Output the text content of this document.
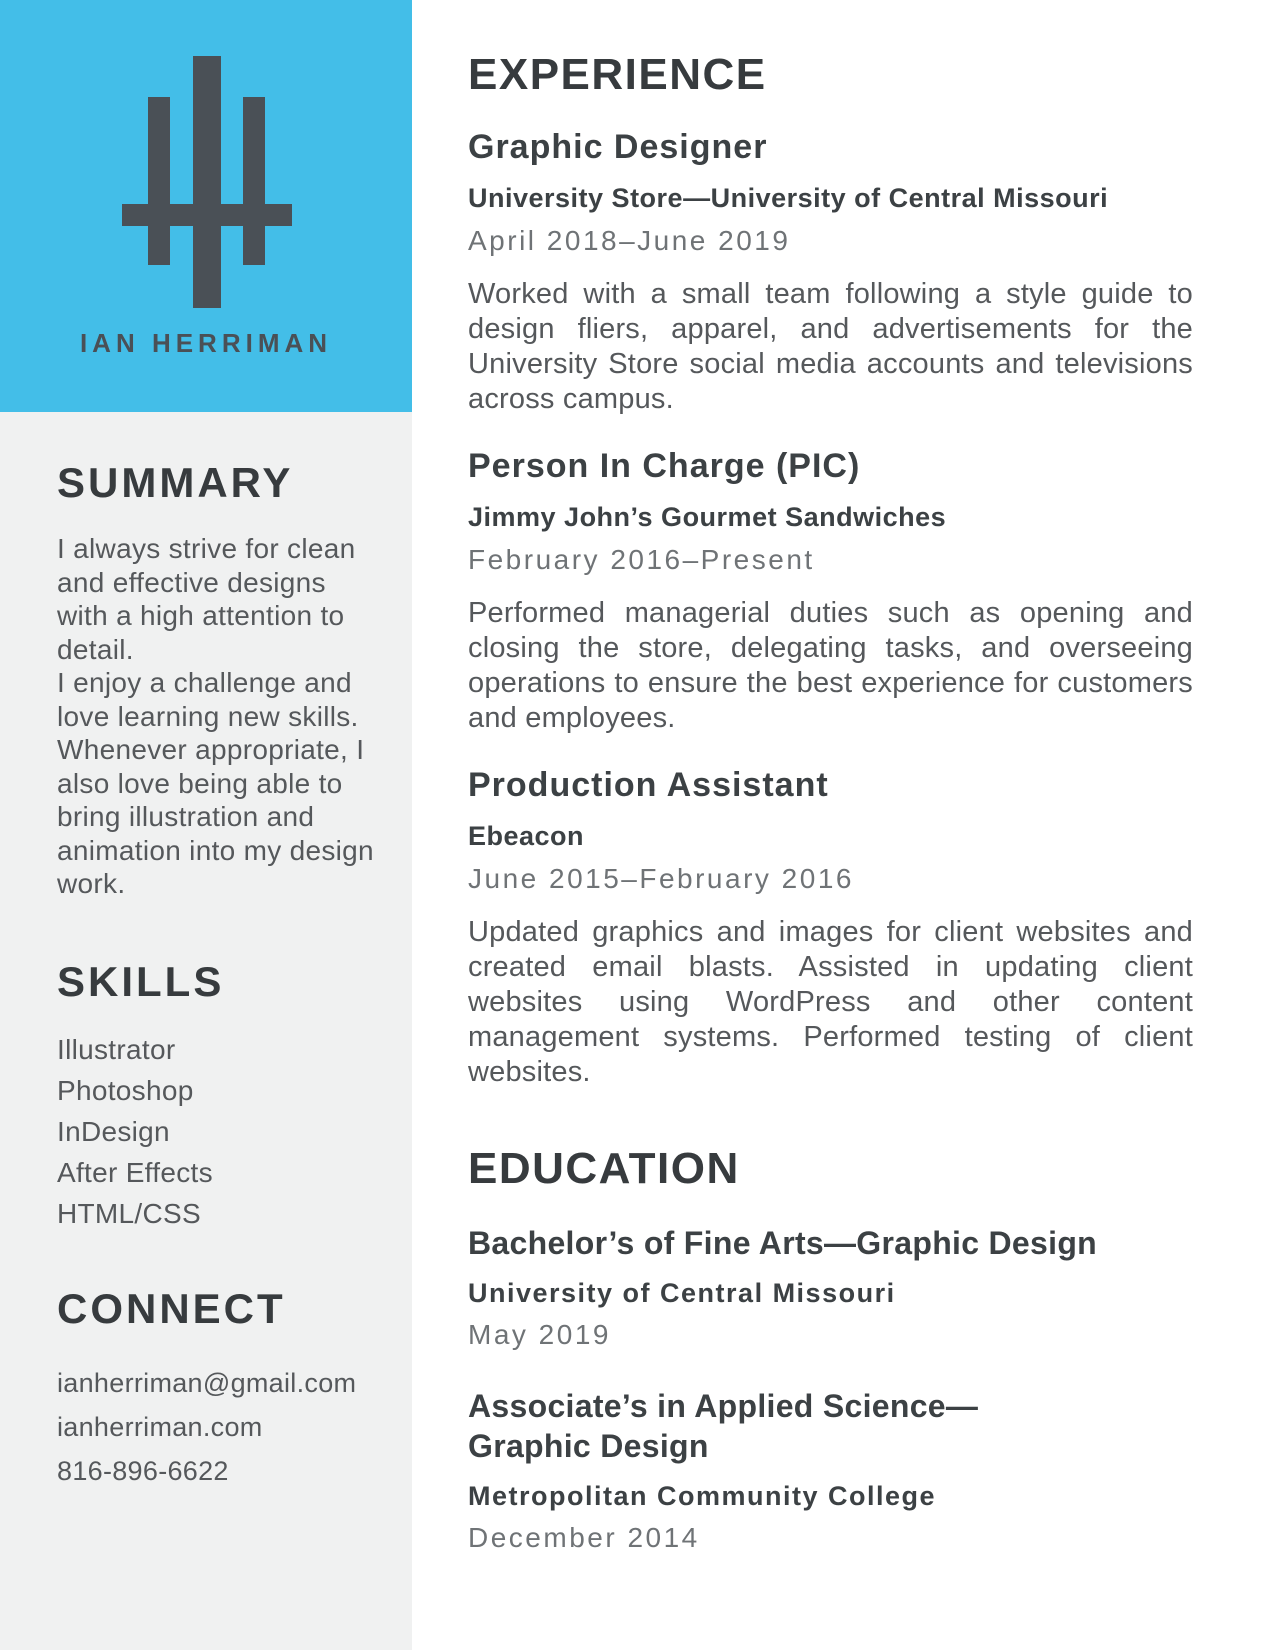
IAN HERRIMAN
SUMMARY

I always strive for clean and effective designs with a high attention to detail.
I enjoy a challenge and love learning new skills. Whenever appropriate, I also love being able to bring illustration and animation into my design work.

SKILLS
Illustrator
Photoshop
InDesign
After Effects
HTML/CSS
CONNECT
ianherriman@gmail.com
ianherriman.com
816-896-6622
EXPERIENCE
Graphic Designer
University Store—University of Central Missouri
April 2018–June 2019

Worked with a small team following a style guide to design fliers, apparel, and advertisements for the University Store social media accounts and televisions across campus.

Person In Charge (PIC)
Jimmy John’s Gourmet Sandwiches
February 2016–Present

Performed managerial duties such as opening and closing the store, delegating tasks, and overseeing operations to ensure the best experience for customers and employees.

Production Assistant
Ebeacon
June 2015–February 2016

Updated graphics and images for client websites and created email blasts. Assisted in updating client websites using WordPress and other content management systems. Performed testing of client websites.

EDUCATION
Bachelor’s of Fine Arts—Graphic Design
University of Central Missouri
May 2019
Associate’s in Applied Science—
Graphic Design
Metropolitan Community College
December 2014
